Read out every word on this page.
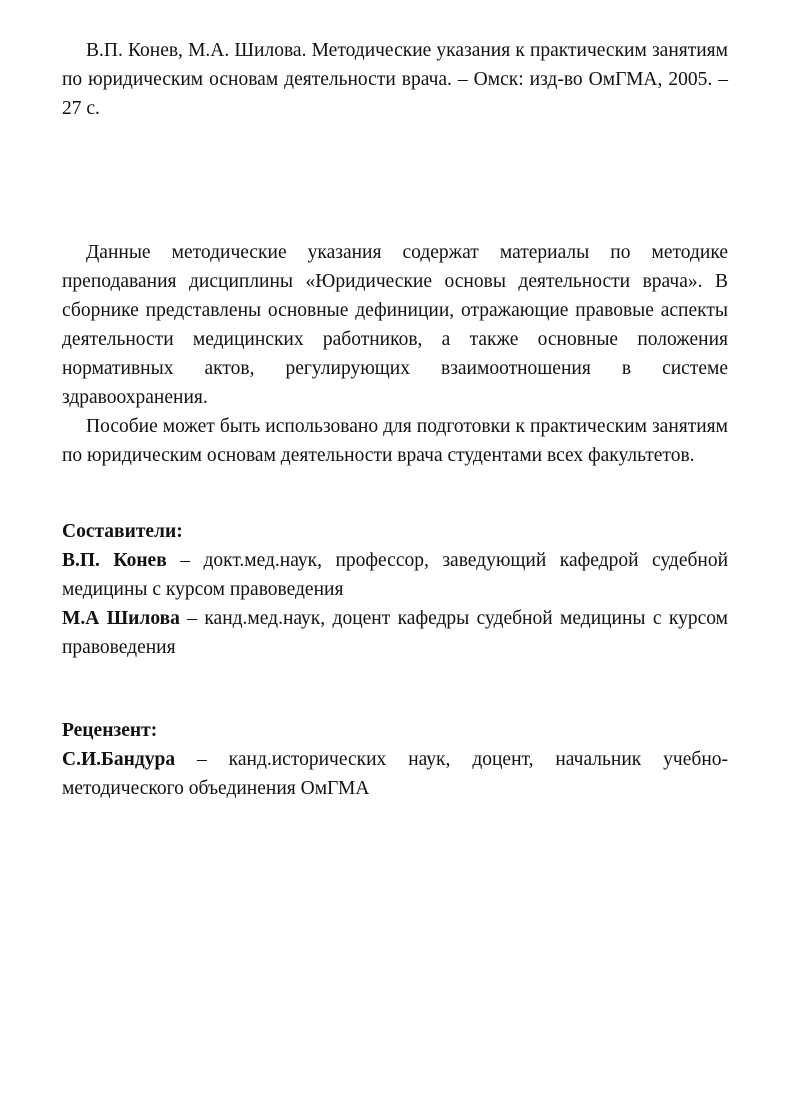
В.П. Конев, М.А. Шилова. Методические указания к практическим занятиям по юридическим основам деятельности врача. – Омск: изд-во ОмГМА, 2005. – 27 с.

Данные методические указания содержат материалы по методике преподавания дисциплины «Юридические основы деятельности врача». В сборнике представлены основные дефиниции, отражающие правовые аспекты деятельности медицинских работников, а также основные положения нормативных актов, регулирующих взаимоотношения в системе здравоохранения.

Пособие может быть использовано для подготовки к практическим занятиям по юридическим основам деятельности врача студентами всех факультетов.

Составители:

В.П. Конев – докт.мед.наук, профессор, заведующий кафедрой судебной медицины с курсом правоведения

М.А Шилова – канд.мед.наук, доцент кафедры судебной медицины с курсом правоведения

Рецензент:

С.И.Бандура – канд.исторических наук, доцент, начальник учебно-методического объединения ОмГМА
